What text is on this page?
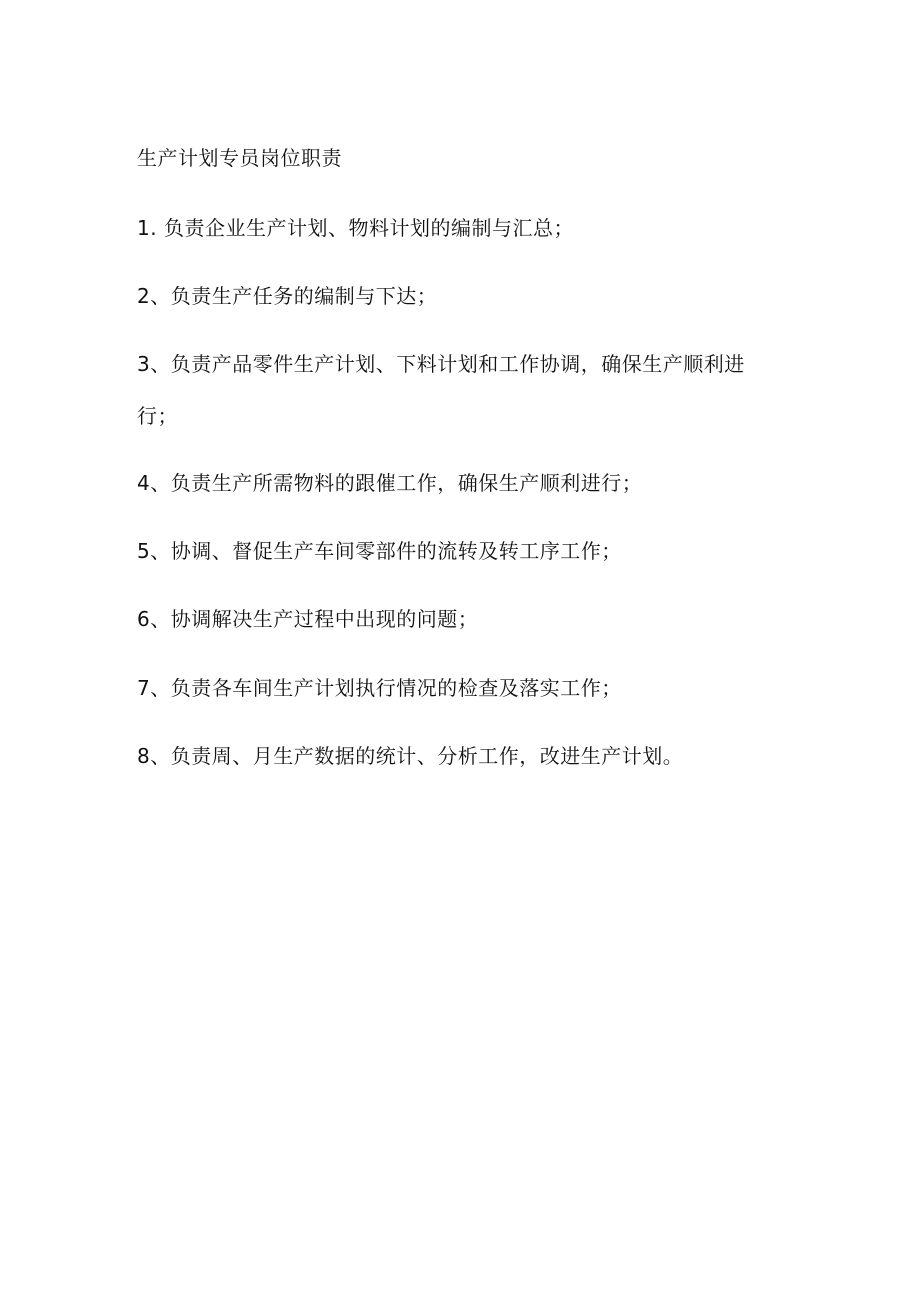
生产计划专员岗位职责
1. 负责企业生产计划、物料计划的编制与汇总；
2、负责生产任务的编制与下达；
3、负责产品零件生产计划、下料计划和工作协调，确保生产顺利进
行；
4、负责生产所需物料的跟催工作，确保生产顺利进行；
5、协调、督促生产车间零部件的流转及转工序工作；
6、协调解决生产过程中出现的问题；
7、负责各车间生产计划执行情况的检查及落实工作；
8、负责周、月生产数据的统计、分析工作，改进生产计划。
